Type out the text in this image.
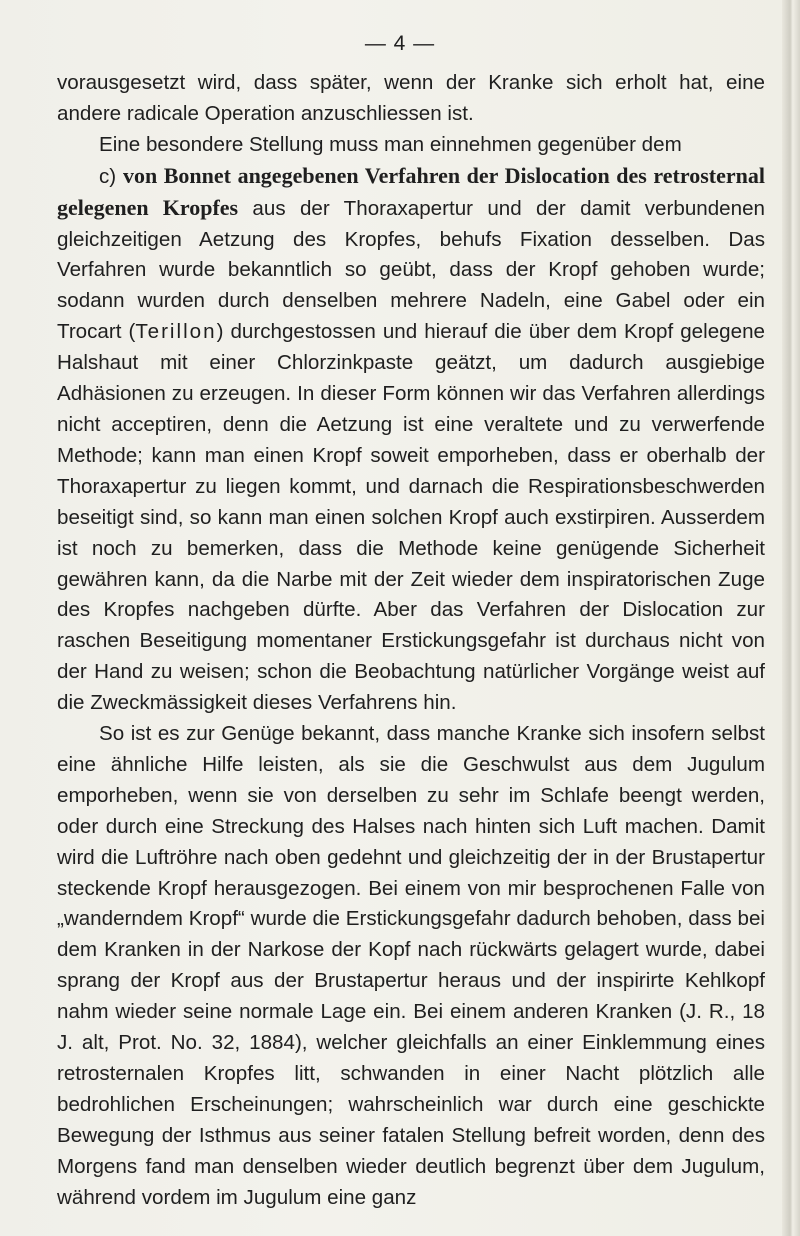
— 4 —

vorausgesetzt wird, dass später, wenn der Kranke sich erholt hat, eine andere radicale Operation anzuschliessen ist.

Eine besondere Stellung muss man einnehmen gegenüber dem

c) von Bonnet angegebenen Verfahren der Dislocation des retrosternal gelegenen Kropfes aus der Thoraxapertur und der damit verbundenen gleichzeitigen Aetzung des Kropfes, behufs Fixation desselben. Das Verfahren wurde bekanntlich so geübt, dass der Kropf gehoben wurde; sodann wurden durch denselben mehrere Nadeln, eine Gabel oder ein Trocart (Terillon) durchgestossen und hierauf die über dem Kropf gelegene Halshaut mit einer Chlorzinkpaste geätzt, um dadurch ausgiebige Adhäsionen zu erzeugen. In dieser Form können wir das Verfahren allerdings nicht acceptiren, denn die Aetzung ist eine veraltete und zu verwerfende Methode; kann man einen Kropf soweit emporheben, dass er oberhalb der Thoraxapertur zu liegen kommt, und darnach die Respirationsbeschwerden beseitigt sind, so kann man einen solchen Kropf auch exstirpiren. Ausserdem ist noch zu bemerken, dass die Methode keine genügende Sicherheit gewähren kann, da die Narbe mit der Zeit wieder dem inspiratorischen Zuge des Kropfes nachgeben dürfte. Aber das Verfahren der Dislocation zur raschen Beseitigung momentaner Erstickungsgefahr ist durchaus nicht von der Hand zu weisen; schon die Beobachtung natürlicher Vorgänge weist auf die Zweckmässigkeit dieses Verfahrens hin.

So ist es zur Genüge bekannt, dass manche Kranke sich insofern selbst eine ähnliche Hilfe leisten, als sie die Geschwulst aus dem Jugulum emporheben, wenn sie von derselben zu sehr im Schlafe beengt werden, oder durch eine Streckung des Halses nach hinten sich Luft machen. Damit wird die Luftröhre nach oben gedehnt und gleichzeitig der in der Brustapertur steckende Kropf herausgezogen. Bei einem von mir besprochenen Falle von „wanderndem Kropf“ wurde die Erstickungsgefahr dadurch behoben, dass bei dem Kranken in der Narkose der Kopf nach rückwärts gelagert wurde, dabei sprang der Kropf aus der Brustapertur heraus und der inspirirte Kehlkopf nahm wieder seine normale Lage ein. Bei einem anderen Kranken (J. R., 18 J. alt, Prot. No. 32, 1884), welcher gleichfalls an einer Einklemmung eines retrosternalen Kropfes litt, schwanden in einer Nacht plötzlich alle bedrohlichen Erscheinungen; wahrscheinlich war durch eine geschickte Bewegung der Isthmus aus seiner fatalen Stellung befreit worden, denn des Morgens fand man denselben wieder deutlich begrenzt über dem Jugulum, während vordem im Jugulum eine ganz
